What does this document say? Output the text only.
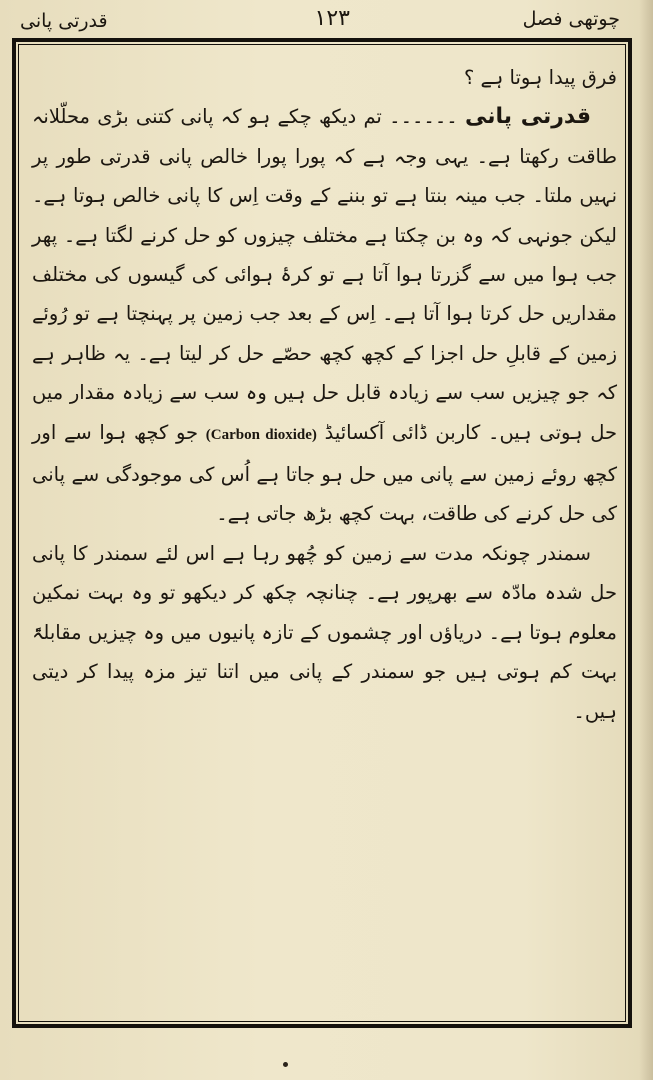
چوتھی فصل
۱۲۳
قدرتی پانی

فرق پیدا ہوتا ہے ؟

قدرتی پانی ۔۔۔۔۔۔ تم دیکھ چکے ہو کہ پانی کتنی بڑی محلّلانہ طاقت رکھتا ہے۔ یہی وجہ ہے کہ پورا پورا خالص پانی قدرتی طور پر نہیں ملتا۔ جب مینہ بنتا ہے تو بننے کے وقت اِس کا پانی خالص ہوتا ہے۔ لیکن جونہی کہ وہ بن چکتا ہے مختلف چیزوں کو حل کرنے لگتا ہے۔ پھر جب ہوا میں سے گزرتا ہوا آتا ہے تو کرۂ ہوائی کی گیسوں کی مختلف مقداریں حل کرتا ہوا آتا ہے۔ اِس کے بعد جب زمین پر پہنچتا ہے تو رُوئے زمین کے قابلِ حل اجزا کے کچھ کچھ حصّے حل کر لیتا ہے۔ یہ ظاہر ہے کہ جو چیزیں سب سے زیادہ قابل حل ہیں وہ سب سے زیادہ مقدار میں حل ہوتی ہیں۔ کاربن ڈائی آکسائیڈ (Carbon dioxide) جو کچھ ہوا سے اور کچھ روئے زمین سے پانی میں حل ہو جاتا ہے اُس کی موجودگی سے پانی کی حل کرنے کی طاقت، بہت کچھ بڑھ جاتی ہے۔

سمندر چونکہ مدت سے زمین کو چُھو رہا ہے اس لئے سمندر کا پانی حل شدہ مادّہ سے بھرپور ہے۔ چنانچہ چکھ کر دیکھو تو وہ بہت نمکین معلوم ہوتا ہے۔ دریاؤں اور چشموں کے تازہ پانیوں میں وہ چیزیں مقابلۃً بہت کم ہوتی ہیں جو سمندر کے پانی میں اتنا تیز مزہ پیدا کر دیتی ہیں۔
